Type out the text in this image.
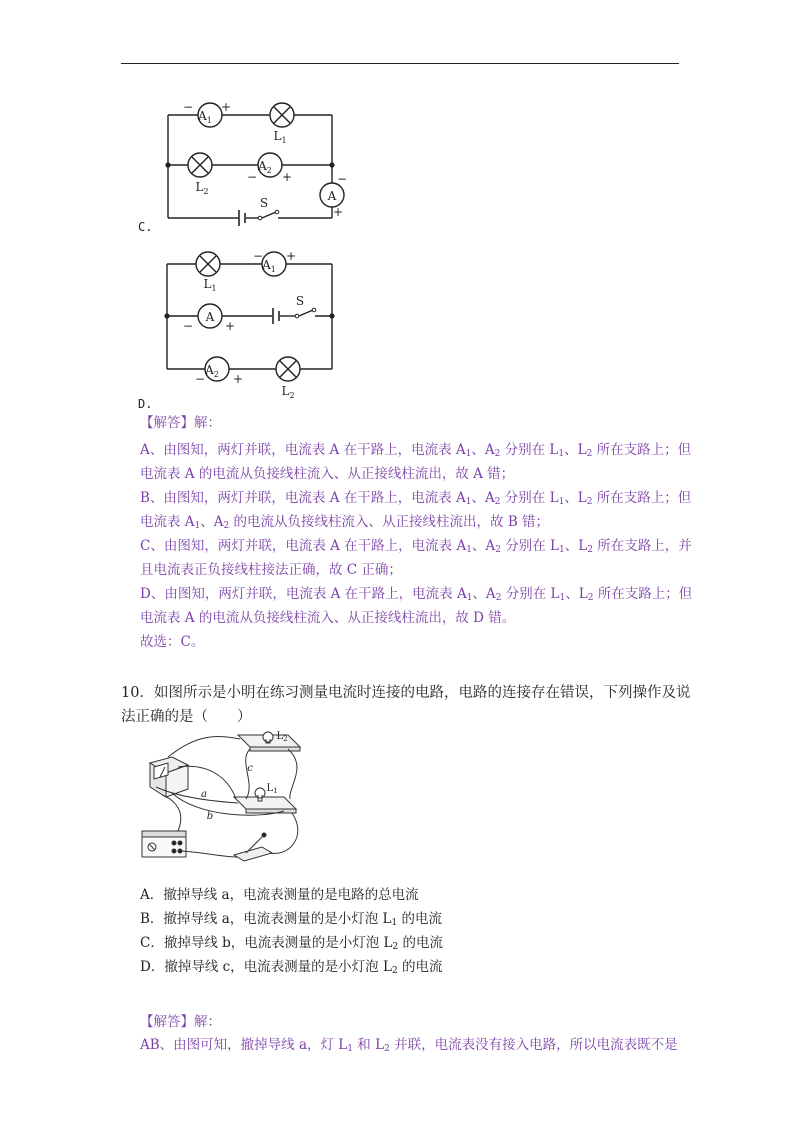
C.
$A_1$
$A_2$
A
$L_1$
$L_2$
S
− +
− +	−
+
D.
$A_1$
A
$A_2$
$L_1$
$L_2$
S
− +
−	+
− +
【解答】解：
A、由图知，两灯并联，电流表 A 在干路上，电流表 $A_1$、$A_2$ 分别在 $L_1$、$L_2$ 所在支路上；但
电流表 A 的电流从负接线柱流入、从正接线柱流出，故 A 错；
B、由图知，两灯并联，电流表 A 在干路上，电流表 $A_1$、$A_2$ 分别在 $L_1$、$L_2$ 所在支路上；但
电流表 $A_1$、$A_2$ 的电流从负接线柱流入、从正接线柱流出，故 B 错；
C、由图知，两灯并联，电流表 A 在干路上，电流表 $A_1$、$A_2$ 分别在 $L_1$、$L_2$ 所在支路上，并
且电流表正负接线柱接法正确，故 C 正确；
D、由图知，两灯并联，电流表 A 在干路上，电流表 $A_1$、$A_2$ 分别在 $L_1$、$L_2$ 所在支路上；但
电流表 A 的电流从负接线柱流入、从正接线柱流出，故 D 错。
故选：C。
10．如图所示是小明在练习测量电流时连接的电路，电路的连接存在错误，下列操作及说
法正确的是（　　）
a
b
c
$L_2$
$L_1$
A．撤掉导线 a，电流表测量的是电路的总电流
B．撤掉导线 a，电流表测量的是小灯泡 $L_1$ 的电流
C．撤掉导线 b，电流表测量的是小灯泡 $L_2$ 的电流
D．撤掉导线 c，电流表测量的是小灯泡 $L_2$ 的电流
【解答】解：
AB、由图可知，撤掉导线 a，灯 $L_1$ 和 $L_2$ 并联，电流表没有接入电路，所以电流表既不是
